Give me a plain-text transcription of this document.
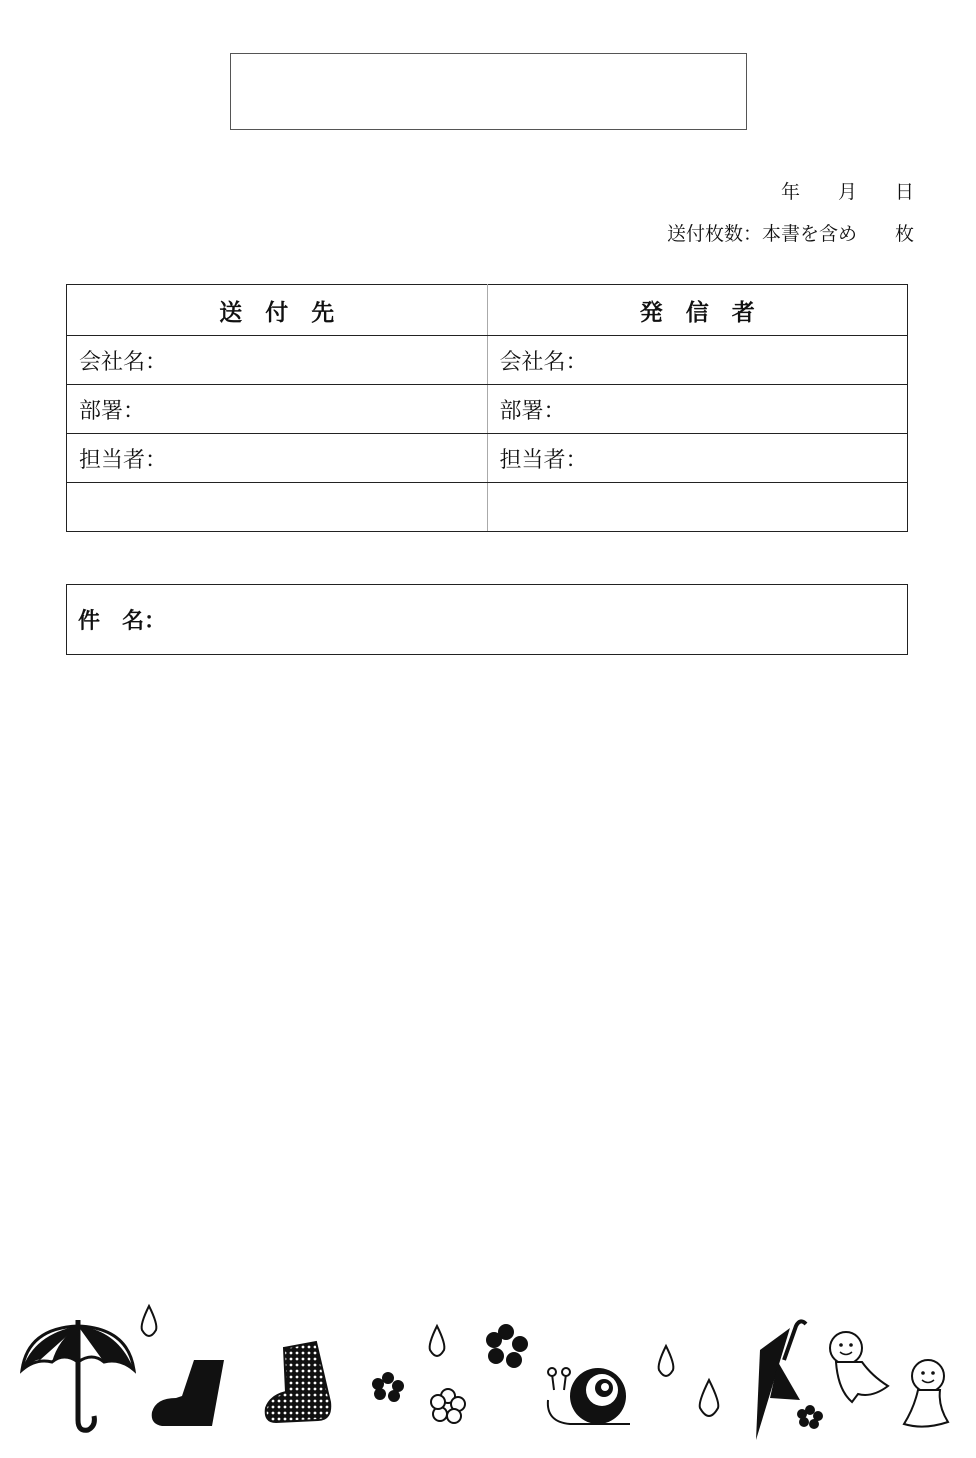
年　　月　　日
送付枚数：本書を含め　　枚
送　付　先	発　信　者
会社名：	会社名：
部署：	部署：
担当者：	担当者：

件　名：
